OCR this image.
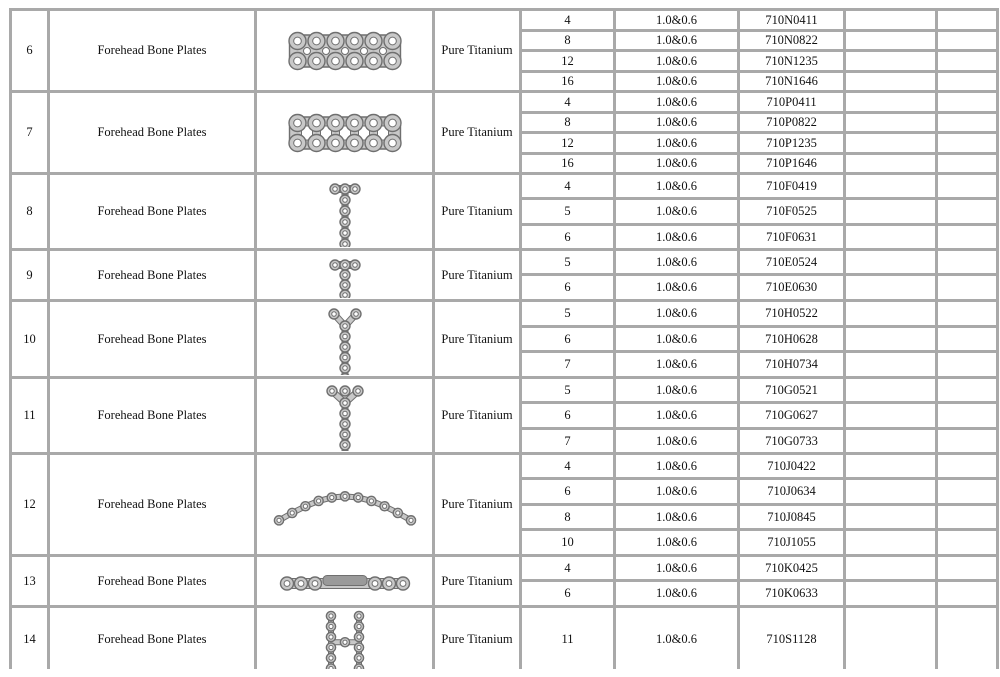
6	Forehead Bone Plates		Pure Titanium	4	1.0&0.6	710N0411		
				8	1.0&0.6	710N0822		
				12	1.0&0.6	710N1235		
				16	1.0&0.6	710N1646		
7	Forehead Bone Plates		Pure Titanium	4	1.0&0.6	710P0411		
				8	1.0&0.6	710P0822		
				12	1.0&0.6	710P1235		
				16	1.0&0.6	710P1646		
8	Forehead Bone Plates		Pure Titanium	4	1.0&0.6	710F0419		
				5	1.0&0.6	710F0525		
				6	1.0&0.6	710F0631		
9	Forehead Bone Plates		Pure Titanium	5	1.0&0.6	710E0524		
				6	1.0&0.6	710E0630		
10	Forehead Bone Plates		Pure Titanium	5	1.0&0.6	710H0522		
				6	1.0&0.6	710H0628		
				7	1.0&0.6	710H0734		
11	Forehead Bone Plates		Pure Titanium	5	1.0&0.6	710G0521		
				6	1.0&0.6	710G0627		
				7	1.0&0.6	710G0733		
12	Forehead Bone Plates		Pure Titanium	4	1.0&0.6	710J0422		
				6	1.0&0.6	710J0634		
				8	1.0&0.6	710J0845		
				10	1.0&0.6	710J1055		
13	Forehead Bone Plates		Pure Titanium	4	1.0&0.6	710K0425		
				6	1.0&0.6	710K0633		
14	Forehead Bone Plates		Pure Titanium	11	1.0&0.6	710S1128		
